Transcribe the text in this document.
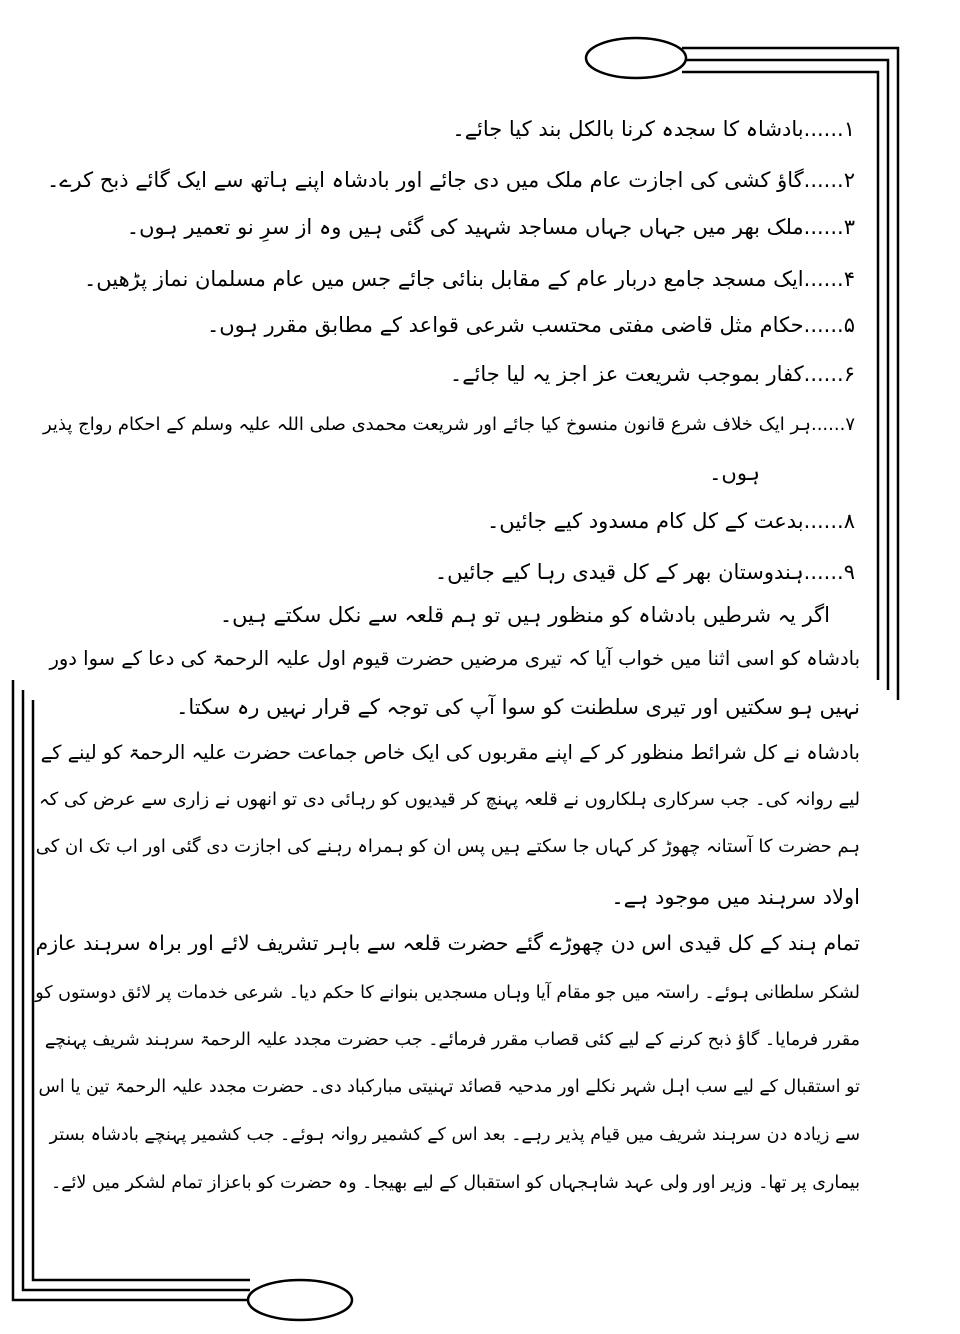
۱......بادشاہ کا سجدہ کرنا بالکل بند کیا جائے۔
۲......گاؤ کشی کی اجازت عام ملک میں دی جائے اور بادشاہ اپنے ہاتھ سے ایک گائے ذبح کرے۔
۳......ملک بھر میں جہاں جہاں مساجد شہید کی گئی ہیں وہ از سرِ نو تعمیر ہوں۔
۴......ایک مسجد جامع دربار عام کے مقابل بنائی جائے جس میں عام مسلمان نماز پڑھیں۔
۵......حکام مثل قاضی مفتی محتسب شرعی قواعد کے مطابق مقرر ہوں۔
۶......کفار بموجب شریعت عز اجز یہ لیا جائے۔
۷......ہر ایک خلاف شرع قانون منسوخ کیا جائے اور شریعت محمدی صلی اللہ علیہ وسلم کے احکام رواج پذیر
ہوں۔
۸......بدعت کے کل کام مسدود کیے جائیں۔
۹......ہندوستان بھر کے کل قیدی رہا کیے جائیں۔
اگر یہ شرطیں بادشاہ کو منظور ہیں تو ہم قلعہ سے نکل سکتے ہیں۔
بادشاہ کو اسی اثنا میں خواب آیا کہ تیری مرضیں حضرت قیوم اول علیہ الرحمۃ کی دعا کے سوا دور
نہیں ہو سکتیں اور تیری سلطنت کو سوا آپ کی توجہ کے قرار نہیں رہ سکتا۔
بادشاہ نے کل شرائط منظور کر کے اپنے مقربوں کی ایک خاص جماعت حضرت علیہ الرحمۃ کو لینے کے
لیے روانہ کی۔ جب سرکاری ہلکاروں نے قلعہ پہنچ کر قیدیوں کو رہائی دی تو انھوں نے زاری سے عرض کی کہ
ہم حضرت کا آستانہ چھوڑ کر کہاں جا سکتے ہیں پس ان کو ہمراہ رہنے کی اجازت دی گئی اور اب تک ان کی
اولاد سرہند میں موجود ہے۔
تمام ہند کے کل قیدی اس دن چھوڑے گئے حضرت قلعہ سے باہر تشریف لائے اور براہ سرہند عازم
لشکر سلطانی ہوئے۔ راستہ میں جو مقام آیا وہاں مسجدیں بنوانے کا حکم دیا۔ شرعی خدمات پر لائق دوستوں کو
مقرر فرمایا۔ گاؤ ذبح کرنے کے لیے کئی قصاب مقرر فرمائے۔ جب حضرت مجدد علیہ الرحمۃ سرہند شریف پہنچے
تو استقبال کے لیے سب اہل شہر نکلے اور مدحیہ قصائد تہنیتی مبارکباد دی۔ حضرت مجدد علیہ الرحمۃ تین یا اس
سے زیادہ دن سرہند شریف میں قیام پذیر رہے۔ بعد اس کے کشمیر روانہ ہوئے۔ جب کشمیر پہنچے بادشاہ بستر
بیماری پر تھا۔ وزیر اور ولی عہد شاہجہاں کو استقبال کے لیے بھیجا۔ وہ حضرت کو باعزاز تمام لشکر میں لائے۔
